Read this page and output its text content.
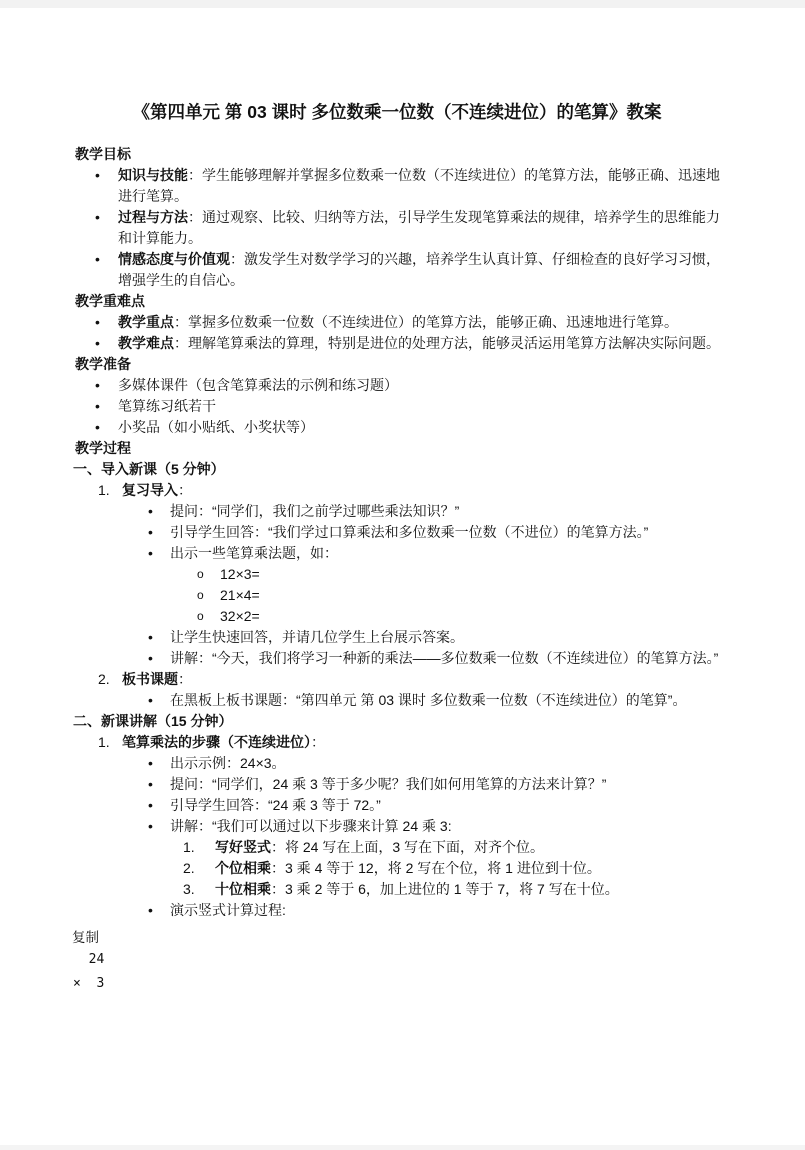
《第四单元 第 03 课时 多位数乘一位数（不连续进位）的笔算》教案
教学目标
• 知识与技能：学生能够理解并掌握多位数乘一位数（不连续进位）的笔算方法，能够正确、迅速地进行笔算。
• 过程与方法：通过观察、比较、归纳等方法，引导学生发现笔算乘法的规律，培养学生的思维能力和计算能力。
• 情感态度与价值观：激发学生对数学学习的兴趣，培养学生认真计算、仔细检查的良好学习习惯，增强学生的自信心。
教学重难点
• 教学重点：掌握多位数乘一位数（不连续进位）的笔算方法，能够正确、迅速地进行笔算。
• 教学难点：理解笔算乘法的算理，特别是进位的处理方法，能够灵活运用笔算方法解决实际问题。
教学准备
• 多媒体课件（包含笔算乘法的示例和练习题）
• 笔算练习纸若干
• 小奖品（如小贴纸、小奖状等）
教学过程
一、导入新课（5 分钟）
1. 复习导入：
• 提问：“同学们，我们之前学过哪些乘法知识？”
• 引导学生回答：“我们学过口算乘法和多位数乘一位数（不进位）的笔算方法。”
• 出示一些笔算乘法题，如：
o 12×3=
o 21×4=
o 32×2=
• 让学生快速回答，并请几位学生上台展示答案。
• 讲解：“今天，我们将学习一种新的乘法——多位数乘一位数（不连续进位）的笔算方法。”
2. 板书课题：
• 在黑板上板书课题：“第四单元 第 03 课时 多位数乘一位数（不连续进位）的笔算”。
二、新课讲解（15 分钟）
1. 笔算乘法的步骤（不连续进位）：
• 出示示例：24×3。
• 提问：“同学们，24 乘 3 等于多少呢？我们如何用笔算的方法来计算？”
• 引导学生回答：“24 乘 3 等于 72。”
• 讲解：“我们可以通过以下步骤来计算 24 乘 3:
1. 写好竖式：将 24 写在上面，3 写在下面，对齐个位。
2. 个位相乘：3 乘 4 等于 12，将 2 写在个位，将 1 进位到十位。
3. 十位相乘：3 乘 2 等于 6，加上进位的 1 等于 7，将 7 写在十位。
• 演示竖式计算过程:
复制
24
×  3
